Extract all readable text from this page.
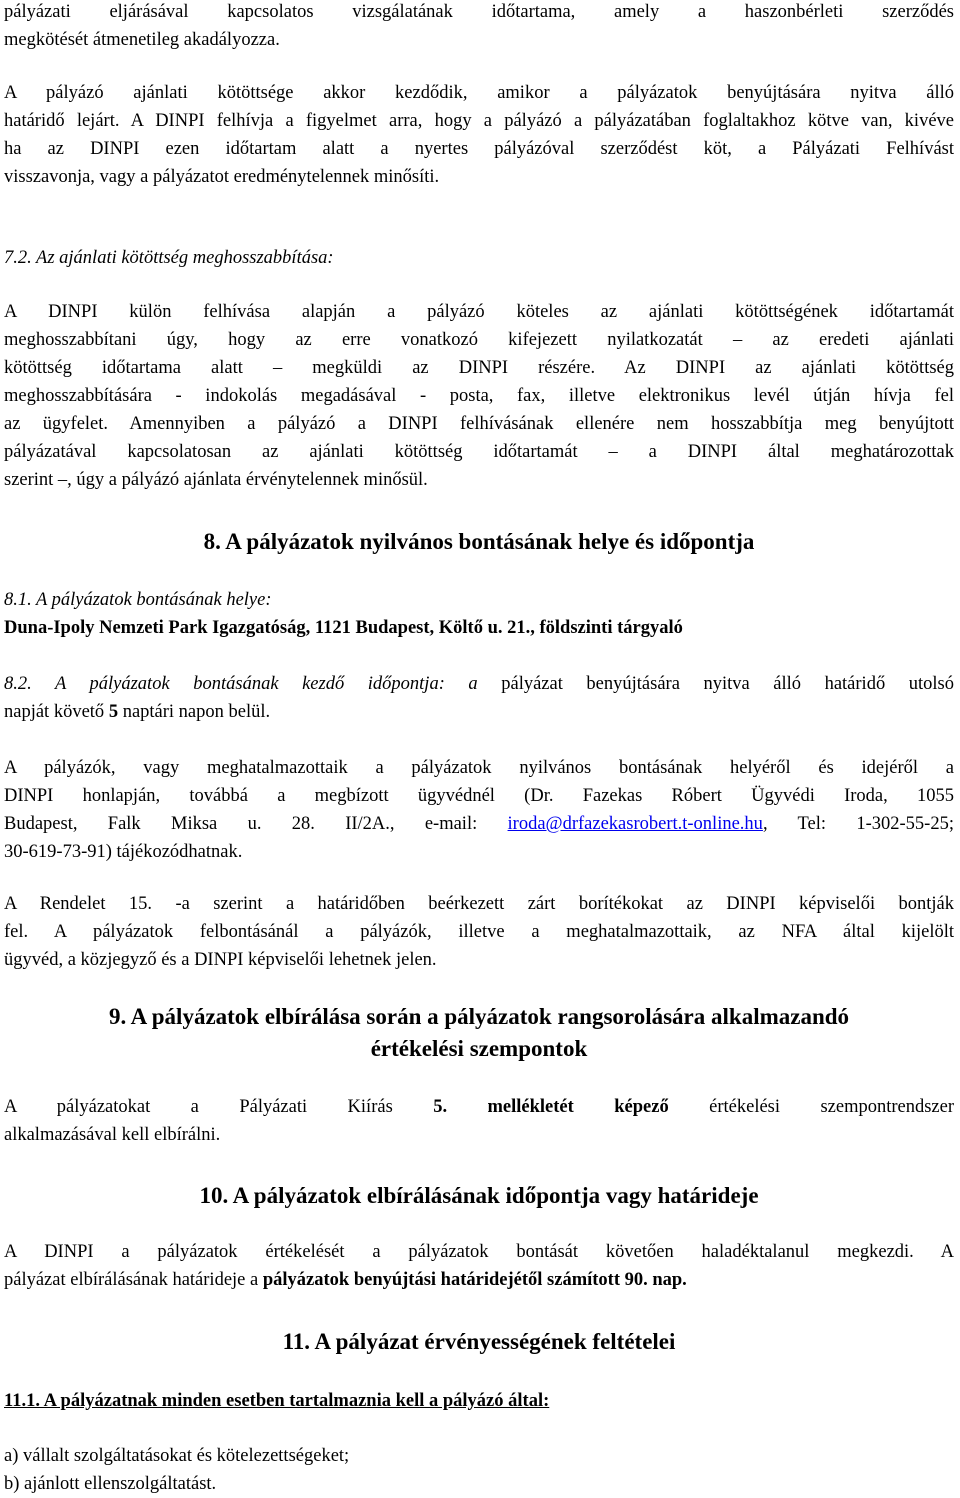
pályázati eljárásával kapcsolatos vizsgálatának időtartama, amely a haszonbérleti szerződés
megkötését átmenetileg akadályozza.

A pályázó ajánlati kötöttsége akkor kezdődik, amikor a pályázatok benyújtására nyitva álló
határidő lejárt. A DINPI felhívja a figyelmet arra, hogy a pályázó a pályázatában foglaltakhoz kötve van, kivéve
ha az DINPI ezen időtartam alatt a nyertes pályázóval szerződést köt, a Pályázati Felhívást
visszavonja, vagy a pályázatot eredménytelennek minősíti.

7.2. Az ajánlati kötöttség meghosszabbítása:

A DINPI külön felhívása alapján a pályázó köteles az ajánlati kötöttségének időtartamát
meghosszabbítani úgy, hogy az erre vonatkozó kifejezett nyilatkozatát – az eredeti ajánlati
kötöttség időtartama alatt – megküldi az DINPI részére. Az DINPI az ajánlati kötöttség
meghosszabbítására - indokolás megadásával - posta, fax, illetve elektronikus levél útján hívja fel
az ügyfelet. Amennyiben a pályázó a DINPI felhívásának ellenére nem hosszabbítja meg benyújtott
pályázatával kapcsolatosan az ajánlati kötöttség időtartamát – a DINPI által meghatározottak
szerint –, úgy a pályázó ajánlata érvénytelennek minősül.

8. A pályázatok nyilvános bontásának helye és időpontja

8.1. A pályázatok bontásának helye:
Duna-Ipoly Nemzeti Park Igazgatóság, 1121 Budapest, Költő u. 21., földszinti tárgyaló

8.2. A pályázatok bontásának kezdő időpontja: a pályázat benyújtására nyitva álló határidő utolsó
napját követő 5 naptári napon belül.

A pályázók, vagy meghatalmazottaik a pályázatok nyilvános bontásának helyéről és idejéről a
DINPI honlapján, továbbá a megbízott ügyvédnél (Dr. Fazekas Róbert Ügyvédi Iroda, 1055
Budapest, Falk Miksa u. 28. II/2A., e-mail: iroda@drfazekasrobert.t-online.hu, Tel: 1-302-55-25;
30-619-73-91) tájékozódhatnak.

A Rendelet 15. -a szerint a határidőben beérkezett zárt borítékokat az DINPI képviselői bontják
fel. A pályázatok felbontásánál a pályázók, illetve a meghatalmazottaik, az NFA által kijelölt
ügyvéd, a közjegyző és a DINPI képviselői lehetnek jelen.

9. A pályázatok elbírálása során a pályázatok rangsorolására alkalmazandó
értékelési szempontok

A pályázatokat a Pályázati Kiírás 5. mellékletét képező értékelési szempontrendszer
alkalmazásával kell elbírálni.

10. A pályázatok elbírálásának időpontja vagy határideje

A DINPI a pályázatok értékelését a pályázatok bontását követően haladéktalanul megkezdi. A
pályázat elbírálásának határideje a pályázatok benyújtási határidejétől számított 90. nap.

11. A pályázat érvényességének feltételei

11.1. A pályázatnak minden esetben tartalmaznia kell a pályázó által:

a) vállalt szolgáltatásokat és kötelezettségeket;
b) ajánlott ellenszolgáltatást.
